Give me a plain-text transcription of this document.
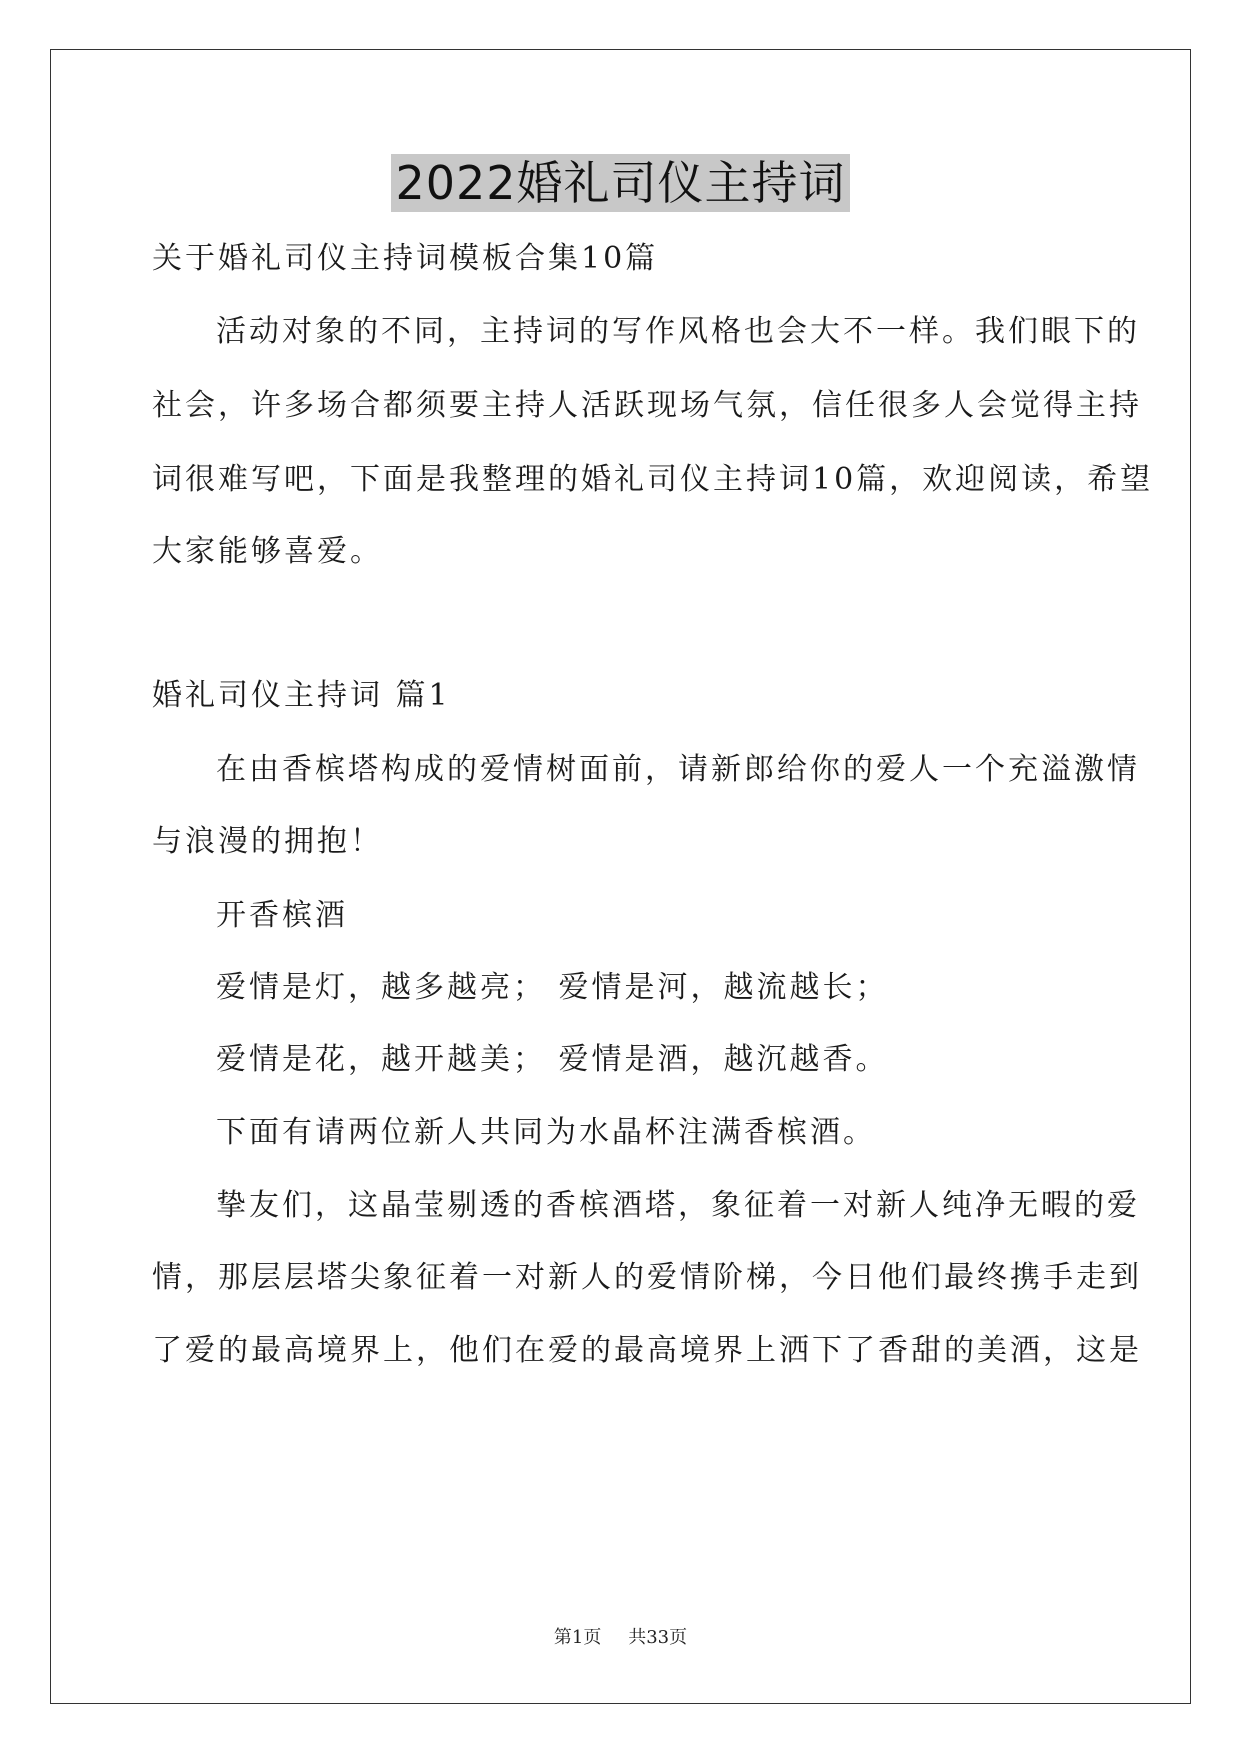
2022婚礼司仪主持词
关于婚礼司仪主持词模板合集10篇
活动对象的不同，主持词的写作风格也会大不一样。我们眼下的
社会，许多场合都须要主持人活跃现场气氛，信任很多人会觉得主持
词很难写吧，下面是我整理的婚礼司仪主持词10篇，欢迎阅读，希望
大家能够喜爱。
婚礼司仪主持词 篇1
在由香槟塔构成的爱情树面前，请新郎给你的爱人一个充溢激情
与浪漫的拥抱！
开香槟酒
爱情是灯，越多越亮； 爱情是河，越流越长；
爱情是花，越开越美； 爱情是酒，越沉越香。
下面有请两位新人共同为水晶杯注满香槟酒。
挚友们，这晶莹剔透的香槟酒塔，象征着一对新人纯净无暇的爱
情，那层层塔尖象征着一对新人的爱情阶梯，今日他们最终携手走到
了爱的最高境界上，他们在爱的最高境界上洒下了香甜的美酒，这是
第1页 共33页
